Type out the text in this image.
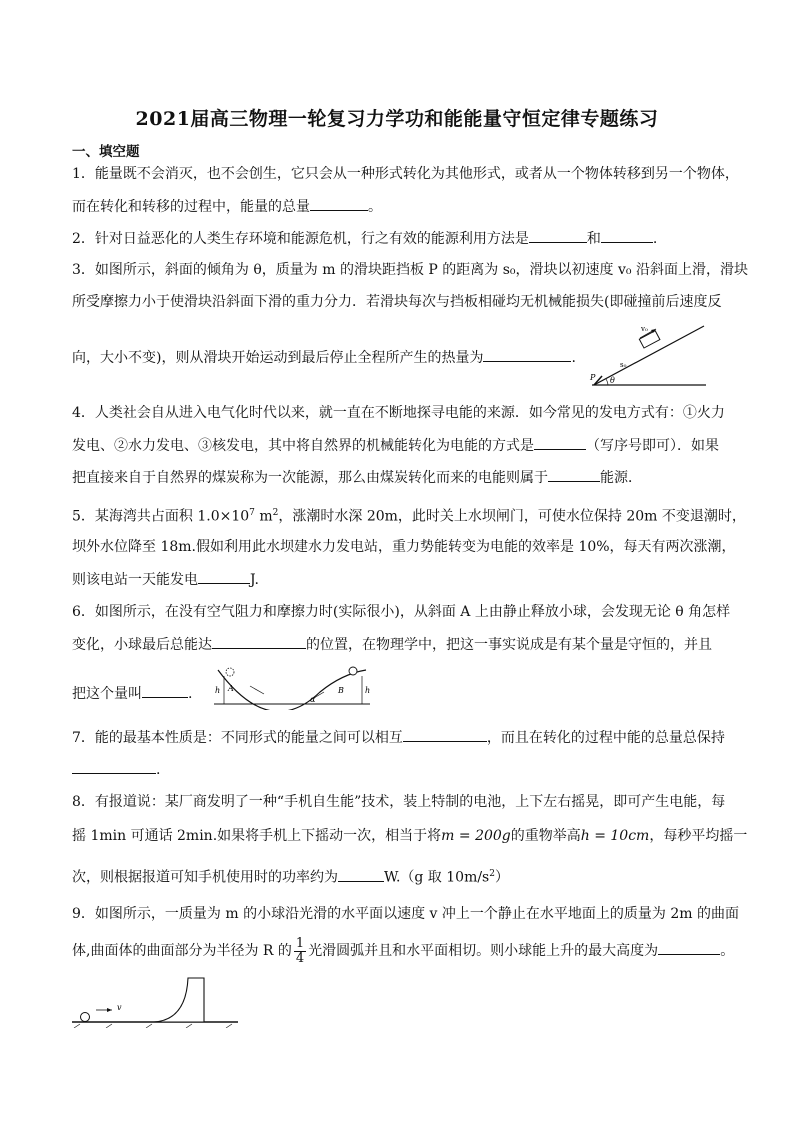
2021届高三物理一轮复习力学功和能能量守恒定律专题练习
一、填空题
1．能量既不会消灭，也不会创生，它只会从一种形式转化为其他形式，或者从一个物体转移到另一个物体，
而在转化和转移的过程中，能量的总量	。
2．针对日益恶化的人类生存环境和能源危机，行之有效的能源利用方法是	和	.
3．如图所示，斜面的倾角为 θ，质量为 m 的滑块距挡板 P 的距离为 s₀，滑块以初速度 v₀ 沿斜面上滑，滑块
所受摩擦力小于使滑块沿斜面下滑的重力分力．若滑块每次与挡板相碰均无机械能损失(即碰撞前后速度反
向，大小不变)，则从滑块开始运动到最后停止全程所产生的热量为	.
v₀
s₀
P θ
4．人类社会自从进入电气化时代以来，就一直在不断地探寻电能的来源．如今常见的发电方式有：①火力
发电、②水力发电、③核发电，其中将自然界的机械能转化为电能的方式是	（写序号即可）．如果
把直接来自于自然界的煤炭称为一次能源，那么由煤炭转化而来的电能则属于	能源．
5．某海湾共占面积 $1.0\times 10^7$ $m^2$，涨潮时水深 20m，此时关上水坝闸门，可使水位保持 20m 不变退潮时，
坝外水位降至 18m.假如利用此水坝建水力发电站，重力势能转变为电能的效率是 10%，每天有两次涨潮，
则该电站一天能发电	J.
6．如图所示，在没有空气阻力和摩擦力时(实际很小)，从斜面 A 上由静止释放小球，会发现无论 θ 角怎样
变化，小球最后总能达	的位置，在物理学中，把这一事实说成是有某个量是守恒的，并且
把这个量叫	.	h A	B	h
α
7．能的最基本性质是：不同形式的能量之间可以相互	，而且在转化的过程中能的总量总保持
.
8．有报道说：某厂商发明了一种“手机自生能”技术，装上特制的电池，上下左右摇晃，即可产生电能，每
摇 1min 可通话 2min.如果将手机上下摇动一次，相当于将m = 200g的重物举高h = 10cm，每秒平均摇一
次，则根据报道可知手机使用时的功率约为	W.（g 取 $10m/s^2$）
9．如图所示，一质量为 m 的小球沿光滑的水平面以速度 v 冲上一个静止在水平地面上的质量为 2m 的曲面
体,曲面体的曲面部分为半径为 R 的 $\frac{1}{4}$ 光滑圆弧并且和水平面相切。则小球能上升的最大高度为	。
v
